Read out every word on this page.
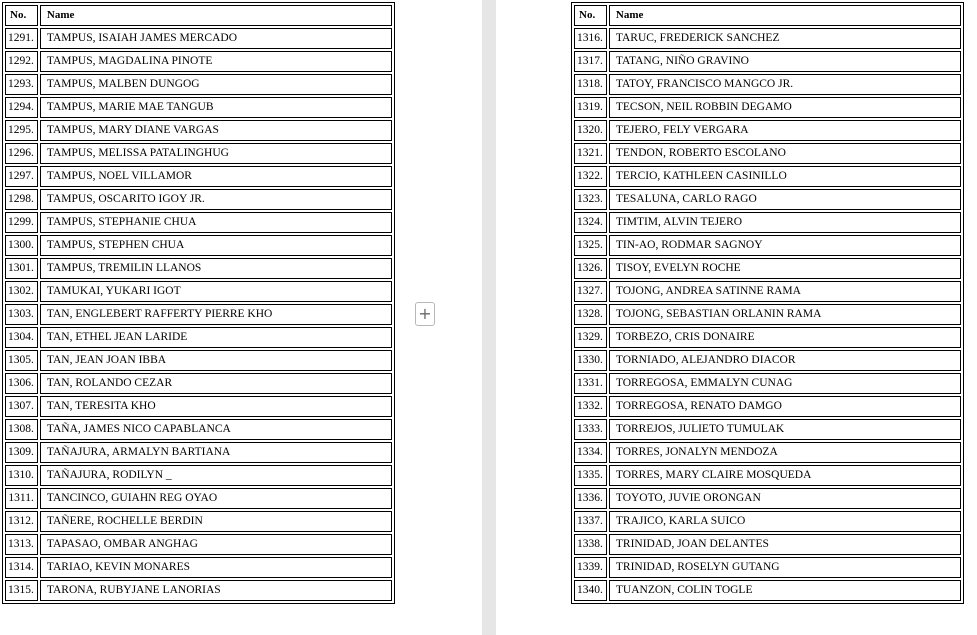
No.	Name
1291.	TAMPUS, ISAIAH JAMES MERCADO
1292.	TAMPUS, MAGDALINA PINOTE
1293.	TAMPUS, MALBEN DUNGOG
1294.	TAMPUS, MARIE MAE TANGUB
1295.	TAMPUS, MARY DIANE VARGAS
1296.	TAMPUS, MELISSA PATALINGHUG
1297.	TAMPUS, NOEL VILLAMOR
1298.	TAMPUS, OSCARITO IGOY JR.
1299.	TAMPUS, STEPHANIE CHUA
1300.	TAMPUS, STEPHEN CHUA
1301.	TAMPUS, TREMILIN LLANOS
1302.	TAMUKAI, YUKARI IGOT
1303.	TAN, ENGLEBERT RAFFERTY PIERRE KHO
1304.	TAN, ETHEL JEAN LARIDE
1305.	TAN, JEAN JOAN IBBA
1306.	TAN, ROLANDO CEZAR
1307.	TAN, TERESITA KHO
1308.	TAÑA, JAMES NICO CAPABLANCA
1309.	TAÑAJURA, ARMALYN BARTIANA
1310.	TAÑAJURA, RODILYN _
1311.	TANCINCO, GUIAHN REG OYAO
1312.	TAÑERE, ROCHELLE BERDIN
1313.	TAPASAO, OMBAR ANGHAG
1314.	TARIAO, KEVIN MONARES
1315.	TARONA, RUBYJANE LANORIAS
+
No.	Name
1316.	TARUC, FREDERICK SANCHEZ
1317.	TATANG, NIÑO GRAVINO
1318.	TATOY, FRANCISCO MANGCO JR.
1319.	TECSON, NEIL ROBBIN DEGAMO
1320.	TEJERO, FELY VERGARA
1321.	TENDON, ROBERTO ESCOLANO
1322.	TERCIO, KATHLEEN CASINILLO
1323.	TESALUNA, CARLO RAGO
1324.	TIMTIM, ALVIN TEJERO
1325.	TIN-AO, RODMAR SAGNOY
1326.	TISOY, EVELYN ROCHE
1327.	TOJONG, ANDREA SATINNE RAMA
1328.	TOJONG, SEBASTIAN ORLANIN RAMA
1329.	TORBEZO, CRIS DONAIRE
1330.	TORNIADO, ALEJANDRO DIACOR
1331.	TORREGOSA, EMMALYN CUNAG
1332.	TORREGOSA, RENATO DAMGO
1333.	TORREJOS, JULIETO TUMULAK
1334.	TORRES, JONALYN MENDOZA
1335.	TORRES, MARY CLAIRE MOSQUEDA
1336.	TOYOTO, JUVIE ORONGAN
1337.	TRAJICO, KARLA SUICO
1338.	TRINIDAD, JOAN DELANTES
1339.	TRINIDAD, ROSELYN GUTANG
1340.	TUANZON, COLIN TOGLE
